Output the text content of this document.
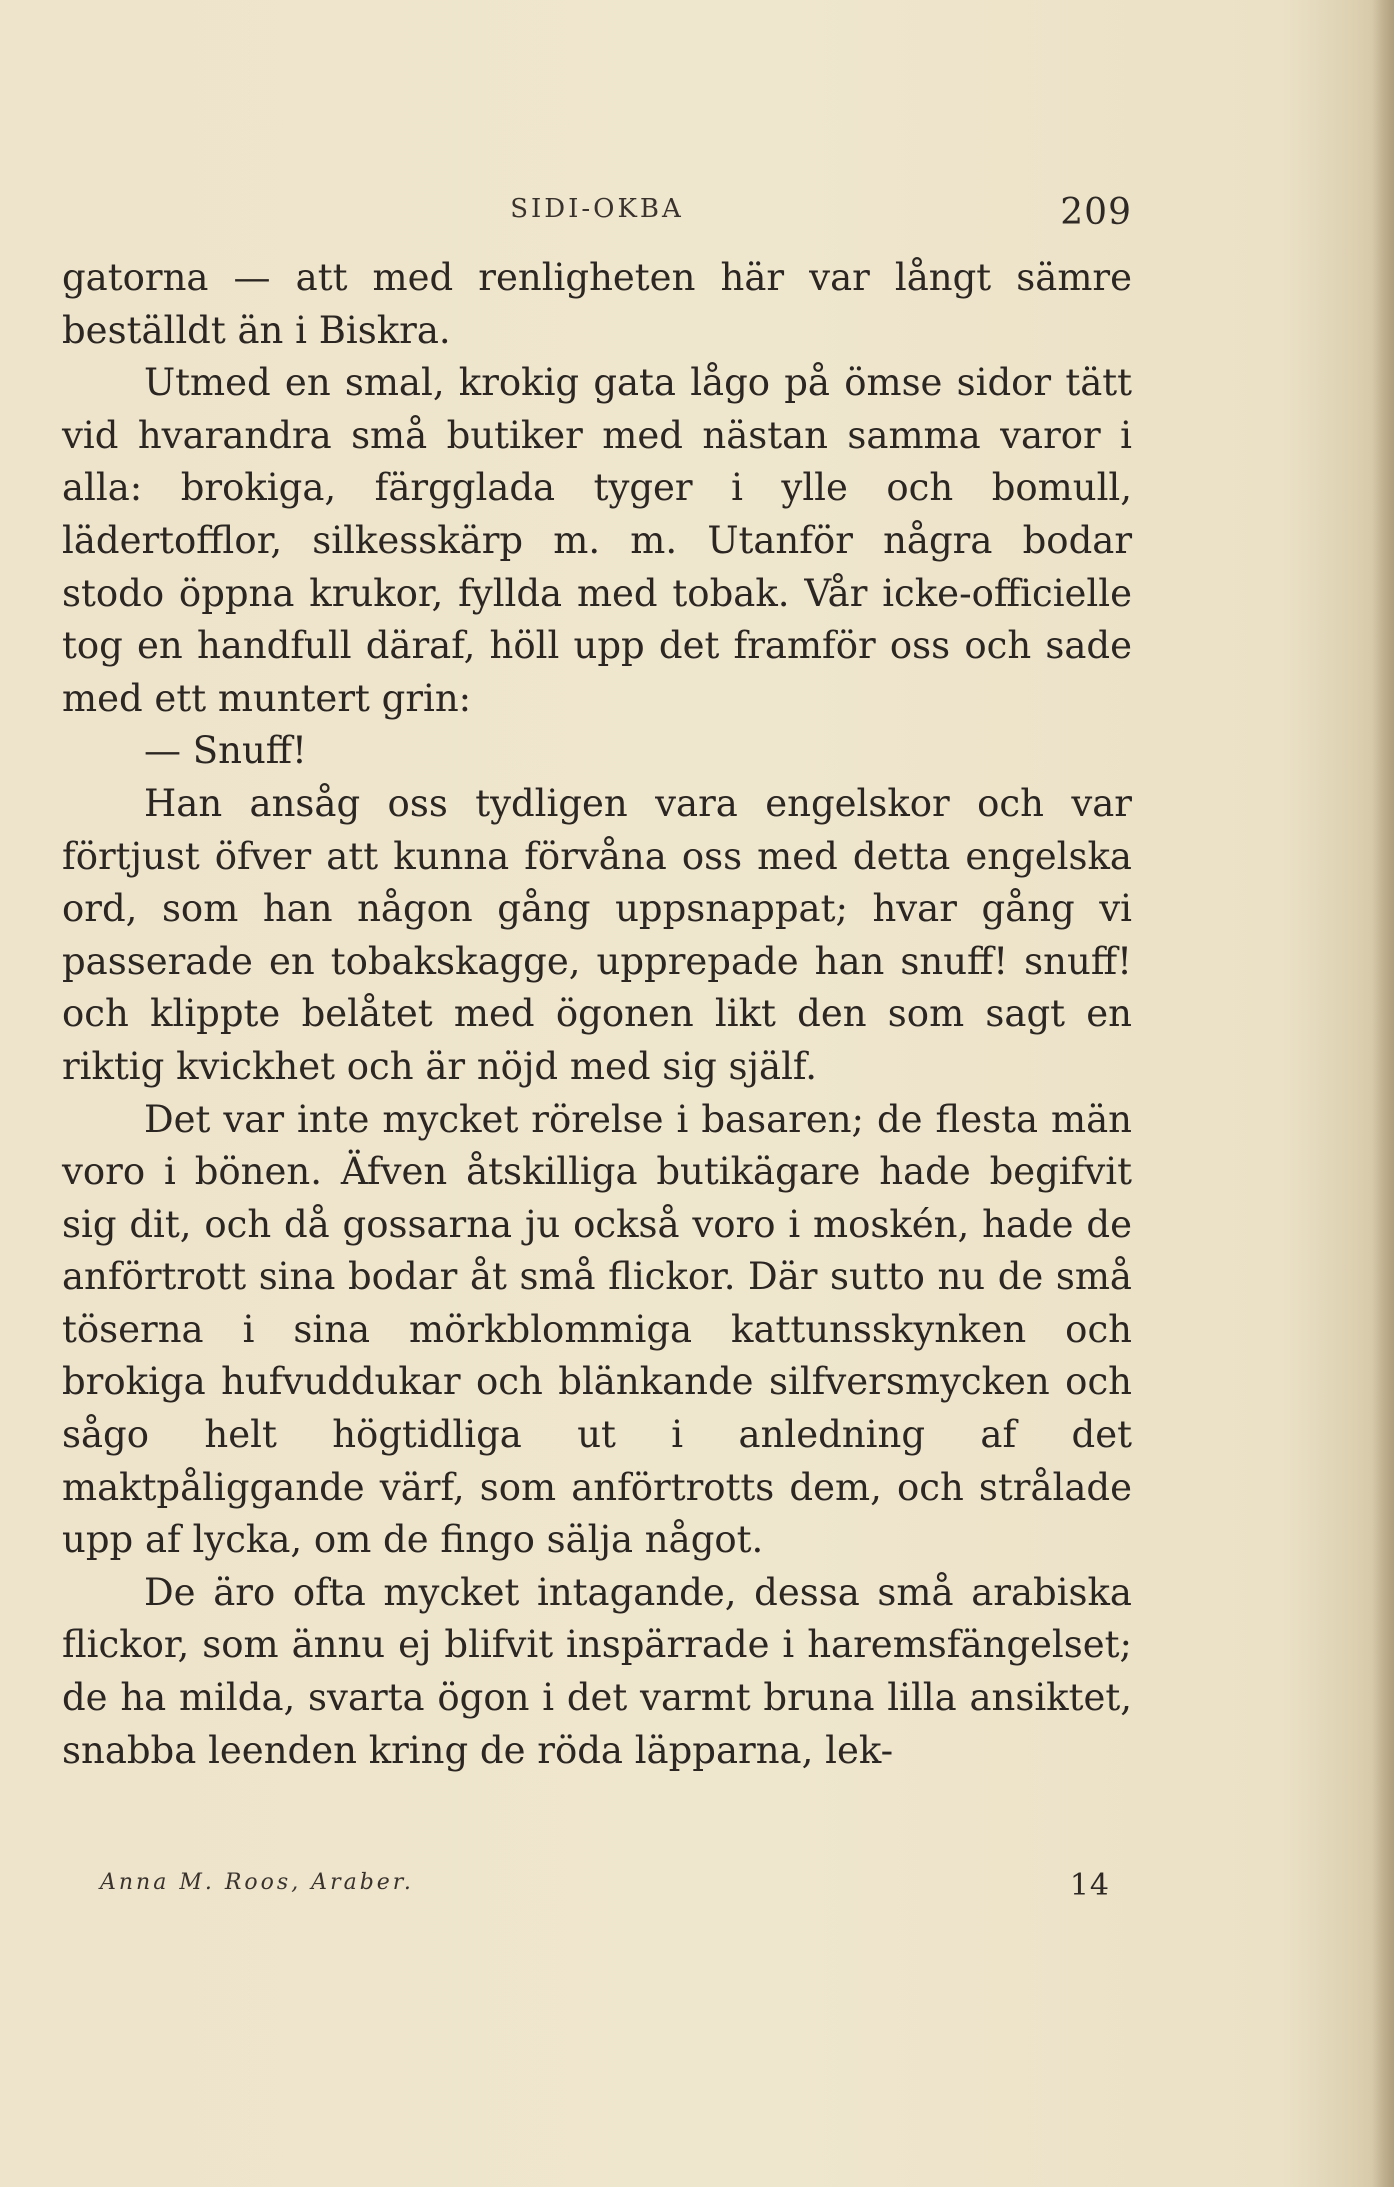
SIDI-OKBA	209

gatorna — att med renligheten här var långt sämre beställdt än i Biskra.

Utmed en smal, krokig gata lågo på ömse sidor tätt vid hvarandra små butiker med nästan samma varor i alla: brokiga, färgglada tyger i ylle och bomull, lädertofflor, silkesskärp m. m. Utanför några bodar stodo öppna krukor, fyllda med tobak. Vår icke-officielle tog en handfull däraf, höll upp det framför oss och sade med ett muntert grin:

— Snuff!

Han ansåg oss tydligen vara engelskor och var förtjust öfver att kunna förvåna oss med detta engelska ord, som han någon gång uppsnappat; hvar gång vi passerade en tobakskagge, upprepade han snuff! snuff! och klippte belåtet med ögonen likt den som sagt en riktig kvickhet och är nöjd med sig själf.

Det var inte mycket rörelse i basaren; de flesta män voro i bönen. Äfven åtskilliga butikägare hade begifvit sig dit, och då gossarna ju också voro i moskén, hade de anförtrott sina bodar åt små flickor. Där sutto nu de små töserna i sina mörkblommiga kattunsskynken och brokiga hufvuddukar och blänkande silfversmycken och sågo helt högtidliga ut i anledning af det maktpåliggande värf, som anförtrotts dem, och strålade upp af lycka, om de fingo sälja något.

De äro ofta mycket intagande, dessa små arabiska flickor, som ännu ej blifvit inspärrade i haremsfängelset; de ha milda, svarta ögon i det varmt bruna lilla ansiktet, snabba leenden kring de röda läpparna, lek-

Anna M. Roos, Araber.	14
